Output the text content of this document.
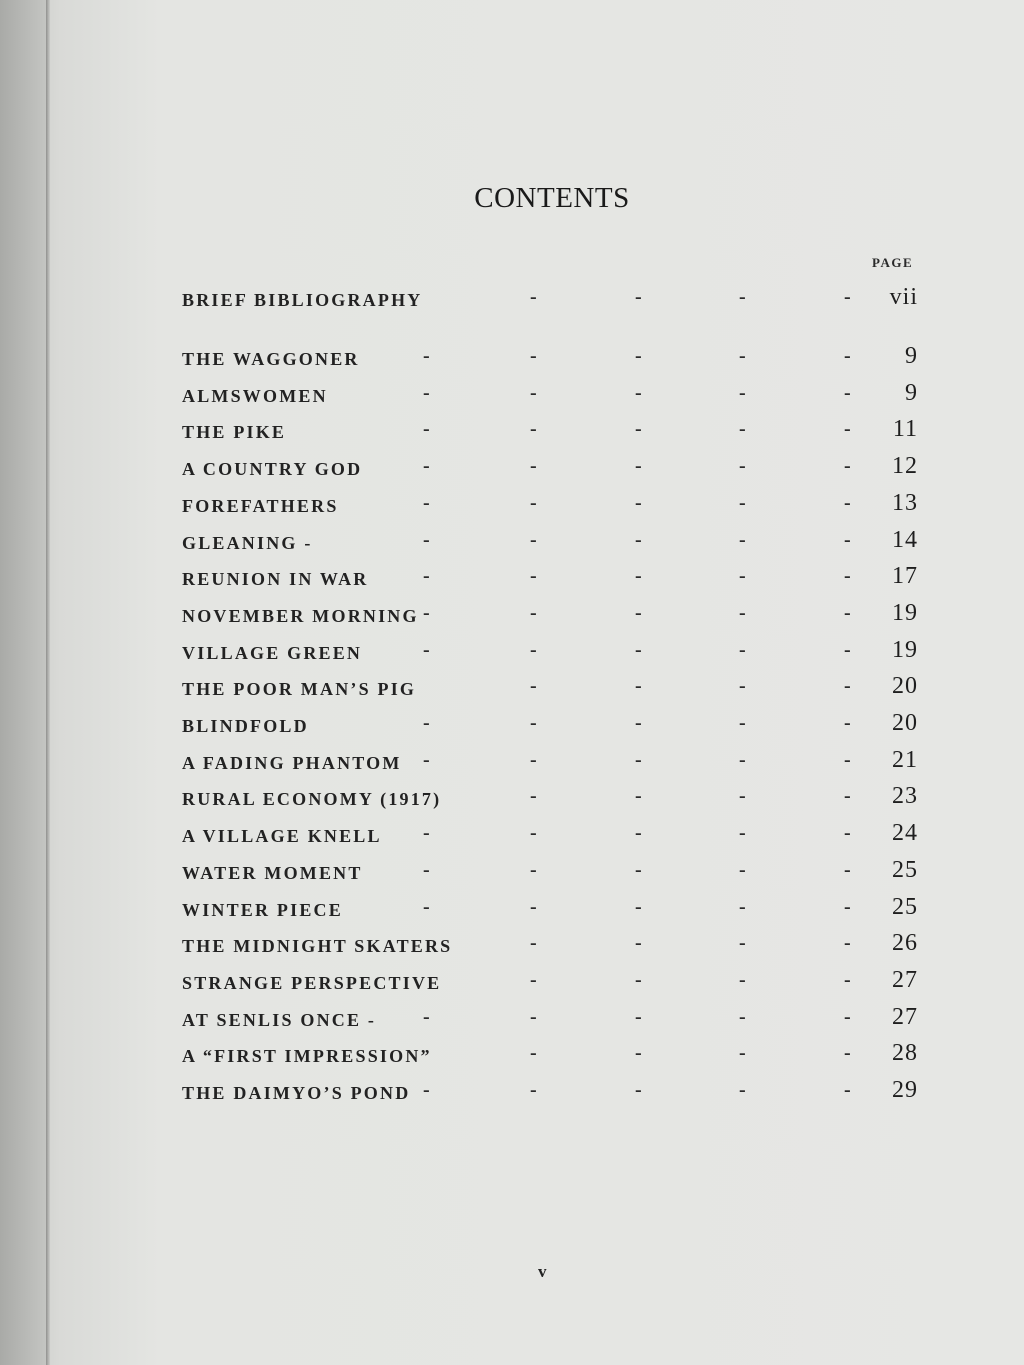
CONTENTS
PAGE
BRIEF BIBLIOGRAPHY	-	-	-	- vii
THE WAGGONER	-	-	-	-	- 9
ALMSWOMEN	-	-	-	-	- 9
THE PIKE	-	-	-	-	- 11
A COUNTRY GOD	-	-	-	-	- 12
FOREFATHERS	-	-	-	-	- 13
GLEANING -	-	-	-	-	- 14
REUNION IN WAR	-	-	-	-	- 17
NOVEMBER MORNING -	-	-	-	- 19
VILLAGE GREEN	-	-	-	-	- 19
THE POOR MAN’S PIG	-	-	-	- 20
BLINDFOLD	-	-	-	-	- 20
A FADING PHANTOM -	-	-	-	- 21
RURAL ECONOMY (1917)	-	-	-	- 23
A VILLAGE KNELL -	-	-	-	- 24
WATER MOMENT	-	-	-	-	- 25
WINTER PIECE	-	-	-	-	- 25
THE MIDNIGHT SKATERS	-	-	-	- 26
STRANGE PERSPECTIVE	-	-	-	- 27
AT SENLIS ONCE - -	-	-	-	- 27
A “FIRST IMPRESSION”	-	-	-	- 28
THE DAIMYO’S POND -	-	-	-	- 29
v
